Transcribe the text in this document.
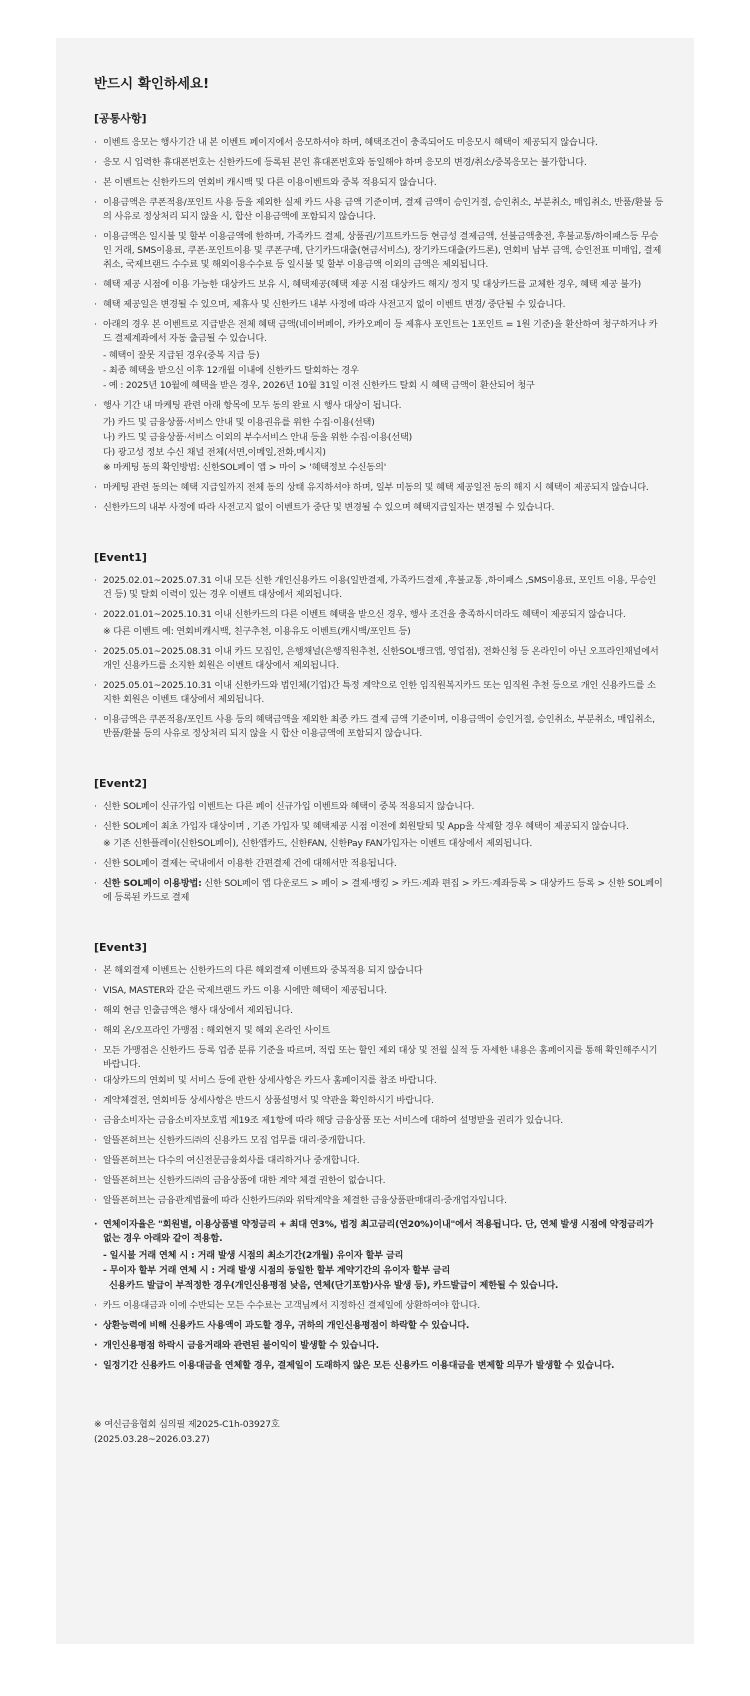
반드시 확인하세요!
[공통사항]
· 이벤트 응모는 행사기간 내 본 이벤트 페이지에서 응모하셔야 하며, 혜택조건이 충족되어도 미응모시 혜택이 제공되지 않습니다.
· 응모 시 입력한 휴대폰번호는 신한카드에 등록된 본인 휴대폰번호와 동일해야 하며 응모의 변경/취소/중복응모는 불가합니다.
· 본 이벤트는 신한카드의 연회비 캐시백 및 다른 이용이벤트와 중복 적용되지 않습니다.
· 이용금액은 쿠폰적용/포인트 사용 등을 제외한 실제 카드 사용 금액 기준이며, 결제 금액이 승인거절, 승인취소, 부분취소, 매입취소, 반품/환불 등의 사유로 정상처리 되지 않을 시, 합산 이용금액에 포함되지 않습니다.
· 이용금액은 일시불 및 할부 이용금액에 한하며, 가족카드 결제, 상품권/기프트카드등 현금성 결제금액, 선불금액충전, 후불교통/하이패스등 무승인 거래, SMS이용료, 쿠폰·포인트이용 및 쿠폰구매, 단기카드대출(현금서비스), 장기카드대출(카드론), 연회비 납부 금액, 승인전표 미매입, 결제 취소, 국제브랜드 수수료 및 해외이용수수료 등 일시불 및 할부 이용금액 이외의 금액은 제외됩니다.
· 혜택 제공 시점에 이용 가능한 대상카드 보유 시, 혜택제공(혜택 제공 시점 대상카드 해지/ 정지 및 대상카드를 교체한 경우, 혜택 제공 불가)
· 혜택 제공일은 변경될 수 있으며, 제휴사 및 신한카드 내부 사정에 따라 사전고지 없이 이벤트 변경/ 중단될 수 있습니다.
· 아래의 경우 본 이벤트로 지급받은 전체 혜택 금액(네이버페이, 카카오페이 등 제휴사 포인트는 1포인트 = 1원 기준)을 환산하여 청구하거나 카드 결제계좌에서 자동 출금될 수 있습니다.
- 혜택이 잘못 지급된 경우(중복 지급 등)
- 최종 혜택을 받으신 이후 12개월 이내에 신한카드 탈회하는 경우
- 예 : 2025년 10월에 혜택을 받은 경우, 2026년 10월 31일 이전 신한카드 탈회 시 혜택 금액이 환산되어 청구
· 행사 기간 내 마케팅 관련 아래 항목에 모두 동의 완료 시 행사 대상이 됩니다.
가) 카드 및 금융상품·서비스 안내 및 이용권유를 위한 수집·이용(선택)
나) 카드 및 금융상품·서비스 이외의 부수서비스 안내 등을 위한 수집·이용(선택)
다) 광고성 정보 수신 채널 전체(서면,이메일,전화,메시지)
※ 마케팅 동의 확인방법: 신한SOL페이 앱 > 마이 > '혜택정보 수신동의'
· 마케팅 관련 동의는 혜택 지급일까지 전체 동의 상태 유지하셔야 하며, 일부 미동의 및 혜택 제공일전 동의 해지 시 혜택이 제공되지 않습니다.
· 신한카드의 내부 사정에 따라 사전고지 없이 이벤트가 중단 및 변경될 수 있으며 혜택지급일자는 변경될 수 있습니다.
[Event1]
· 2025.02.01~2025.07.31 이내 모든 신한 개인신용카드 이용(일반결제, 가족카드결제 ,후불교통 ,하이패스 ,SMS이용료, 포인트 이용, 무승인건 등) 및 탈회 이력이 있는 경우 이벤트 대상에서 제외됩니다.
· 2022.01.01~2025.10.31 이내 신한카드의 다른 이벤트 혜택을 받으신 경우, 행사 조건을 충족하시더라도 혜택이 제공되지 않습니다.
※ 다른 이벤트 예: 연회비캐시백, 친구추천, 이용유도 이벤트(캐시백/포인트 등)
· 2025.05.01~2025.08.31 이내 카드 모집인, 은행채널(은행직원추천, 신한SOL뱅크앱, 영업점), 전화신청 등 온라인이 아닌 오프라인채널에서 개인 신용카드를 소지한 회원은 이벤트 대상에서 제외됩니다.
· 2025.05.01~2025.10.31 이내 신한카드와 법인체(기업)간 특정 계약으로 인한 임직원복지카드 또는 임직원 추천 등으로 개인 신용카드를 소지한 회원은 이벤트 대상에서 제외됩니다.
· 이용금액은 쿠폰적용/포인트 사용 등의 혜택금액을 제외한 최종 카드 결제 금액 기준이며, 이용금액이 승인거절, 승인취소, 부분취소, 매입취소, 반품/환불 등의 사유로 정상처리 되지 않을 시 합산 이용금액에 포함되지 않습니다.
[Event2]
· 신한 SOL페이 신규가입 이벤트는 다른 페이 신규가입 이벤트와 혜택이 중복 적용되지 않습니다.
· 신한 SOL페이 최초 가입자 대상이며 , 기존 가입자 및 혜택제공 시점 이전에 회원탈퇴 및 App을 삭제할 경우 혜택이 제공되지 않습니다.
※ 기존 신한플레이(신한SOL페이), 신한앱카드, 신한FAN, 신한Pay FAN가입자는 이벤트 대상에서 제외됩니다.
· 신한 SOL페이 결제는 국내에서 이용한 간편결제 건에 대해서만 적용됩니다.
· 신한 SOL페이 이용방법: 신한 SOL페이 앱 다운로드 > 페이 > 결제·뱅킹 > 카드·계좌 편집 > 카드·계좌등록 > 대상카드 등록 > 신한 SOL페이에 등록된 카드로 결제
[Event3]
· 본 해외결제 이벤트는 신한카드의 다른 해외결제 이벤트와 중복적용 되지 않습니다
· VISA, MASTER와 같은 국제브랜드 카드 이용 시에만 혜택이 제공됩니다.
· 해외 현금 인출금액은 행사 대상에서 제외됩니다.
· 해외 온/오프라인 가맹점 : 해외현지 및 해외 온라인 사이트
· 모든 가맹점은 신한카드 등록 업종 분류 기준을 따르며, 적립 또는 할인 제외 대상 및 전월 실적 등 자세한 내용은 홈페이지를 통해 확인해주시기 바랍니다.
· 대상카드의 연회비 및 서비스 등에 관한 상세사항은 카드사 홈페이지를 참조 바랍니다.
· 계약체결전, 연회비등 상세사항은 반드시 상품설명서 및 약관을 확인하시기 바랍니다.
· 금융소비자는 금융소비자보호법 제19조 제1항에 따라 해당 금융상품 또는 서비스에 대하여 설명받을 권리가 있습니다.
· 알뜰폰허브는 신한카드㈜의 신용카드 모집 업무를 대리·중개합니다.
· 알뜰폰허브는 다수의 여신전문금융회사를 대리하거나 중개합니다.
· 알뜰폰허브는 신한카드㈜의 금융상품에 대한 계약 체결 권한이 없습니다.
· 알뜰폰허브는 금융관계법률에 따라 신한카드㈜와 위탁계약을 체결한 금융상품판매대리·중개업자입니다.
· 연체이자율은 "회원별, 이용상품별 약정금리 + 최대 연3%, 법정 최고금리(연20%)이내"에서 적용됩니다. 단, 연체 발생 시점에 약정금리가 없는 경우 아래와 같이 적용함.
- 일시불 거래 연체 시 : 거래 발생 시점의 최소기간(2개월) 유이자 할부 금리
- 무이자 할부 거래 연체 시 : 거래 발생 시점의 동일한 할부 계약기간의 유이자 할부 금리
신용카드 발급이 부적정한 경우(개인신용평점 낮음, 연체(단기포함)사유 발생 등), 카드발급이 제한될 수 있습니다.
· 카드 이용대금과 이에 수반되는 모든 수수료는 고객님께서 지정하신 결제일에 상환하여야 합니다.
· 상환능력에 비해 신용카드 사용액이 과도할 경우, 귀하의 개인신용평점이 하락할 수 있습니다.
· 개인신용평점 하락시 금융거래와 관련된 불이익이 발생할 수 있습니다.
· 일정기간 신용카드 이용대금을 연체할 경우, 결제일이 도래하지 않은 모든 신용카드 이용대금을 변제할 의무가 발생할 수 있습니다.
※ 여신금융협회 심의필 제2025-C1h-03927호
(2025.03.28~2026.03.27)
